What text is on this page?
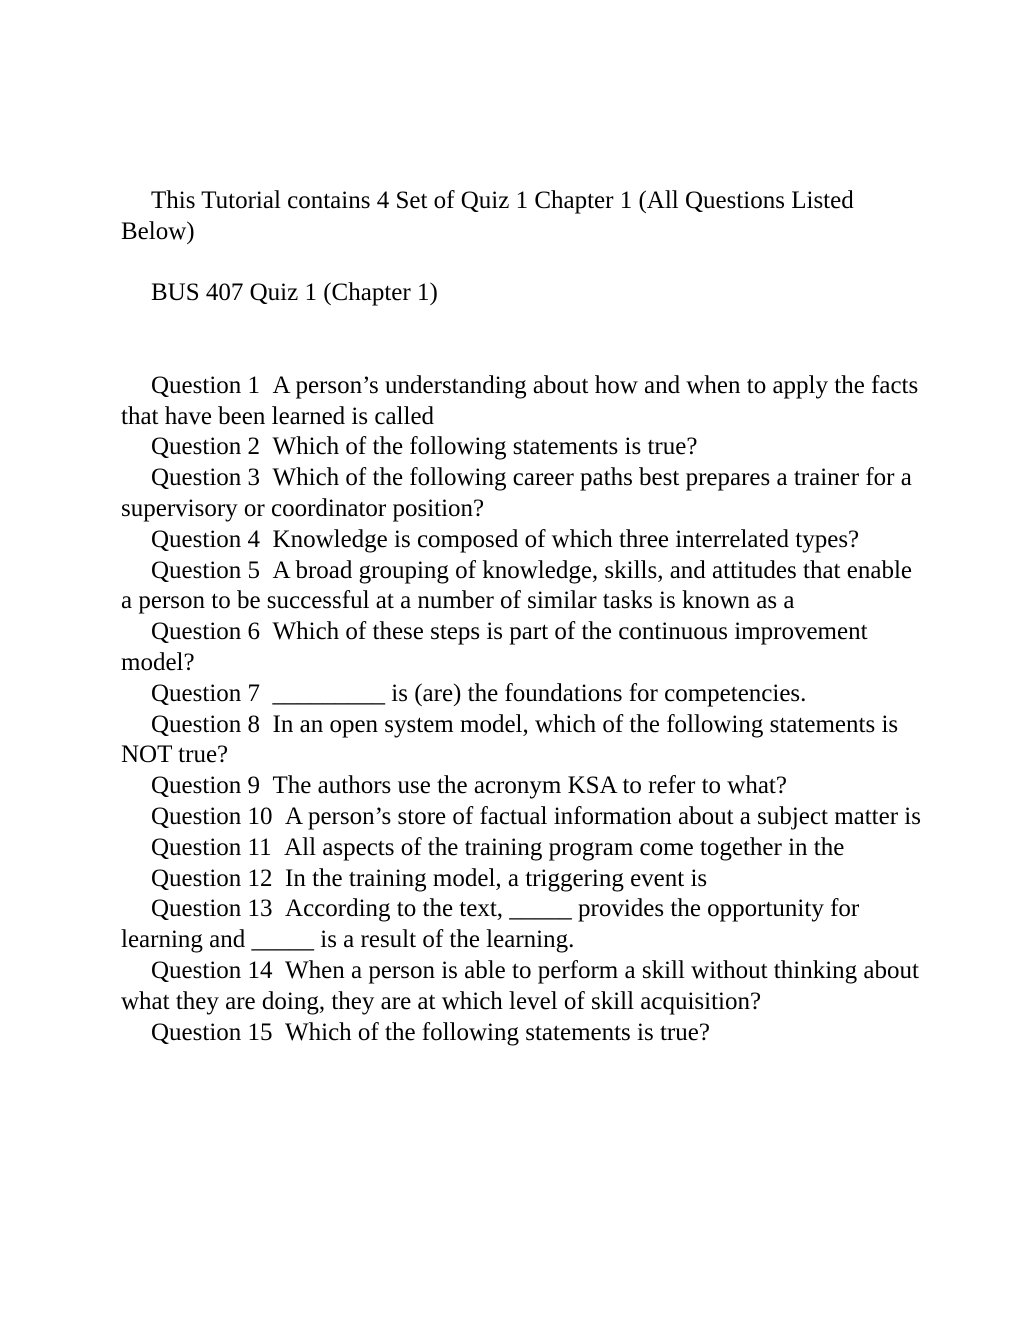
This Tutorial contains 4 Set of Quiz 1 Chapter 1 (All Questions Listed Below)

BUS 407 Quiz 1 (Chapter 1)

Question 1 A person’s understanding about how and when to apply the facts that have been learned is called

Question 2 Which of the following statements is true?

Question 3 Which of the following career paths best prepares a trainer for a supervisory or coordinator position?

Question 4 Knowledge is composed of which three interrelated types?

Question 5 A broad grouping of knowledge, skills, and attitudes that enable a person to be successful at a number of similar tasks is known as a

Question 6 Which of these steps is part of the continuous improvement model?

Question 7 _________ is (are) the foundations for competencies.

Question 8 In an open system model, which of the following statements is NOT true?

Question 9 The authors use the acronym KSA to refer to what?

Question 10 A person’s store of factual information about a subject matter is

Question 11 All aspects of the training program come together in the

Question 12 In the training model, a triggering event is

Question 13 According to the text, _____ provides the opportunity for learning and _____ is a result of the learning.

Question 14 When a person is able to perform a skill without thinking about what they are doing, they are at which level of skill acquisition?

Question 15 Which of the following statements is true?
